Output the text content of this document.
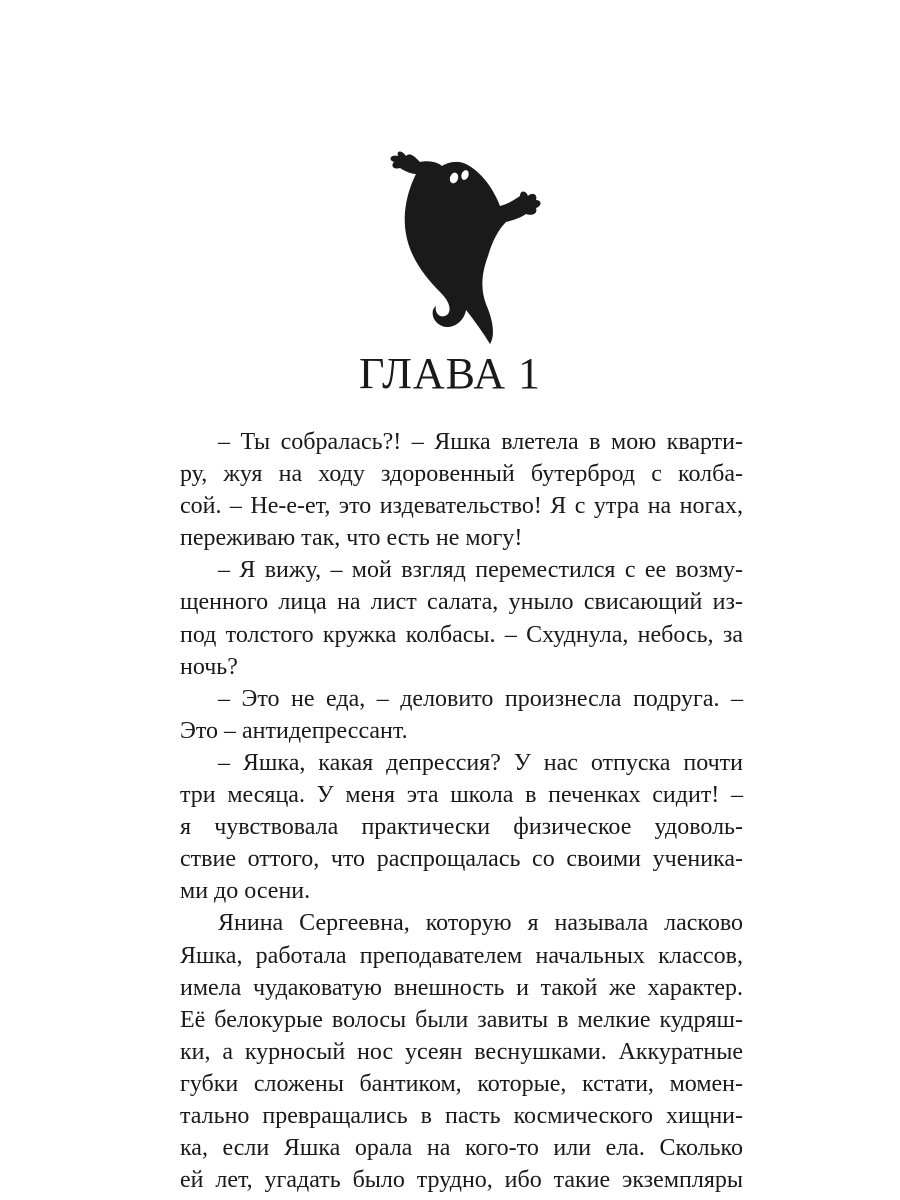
ГЛАВА 1
– Ты собралась?! – Яшка влетела в мою кварти-
ру, жуя на ходу здоровенный бутерброд с колба-
сой. – Не-е-ет, это издевательство! Я с утра на ногах,
переживаю так, что есть не могу!
– Я вижу, – мой взгляд переместился с ее возму-
щенного лица на лист салата, уныло свисающий из-
под толстого кружка колбасы. – Схуднула, небось, за
ночь?
– Это не еда, – деловито произнесла подруга. –
Это – антидепрессант.
– Яшка, какая депрессия? У нас отпуска почти
три месяца. У меня эта школа в печенках сидит! –
я чувствовала практически физическое удоволь-
ствие оттого, что распрощалась со своими ученика-
ми до осени.
Янина Сергеевна, которую я называла ласково
Яшка, работала преподавателем начальных классов,
имела чудаковатую внешность и такой же характер.
Её белокурые волосы были завиты в мелкие кудряш-
ки, а курносый нос усеян веснушками. Аккуратные
губки сложены бантиком, которые, кстати, момен-
тально превращались в пасть космического хищни-
ка, если Яшка орала на кого-то или ела. Сколько
ей лет, угадать было трудно, ибо такие экземпляры
